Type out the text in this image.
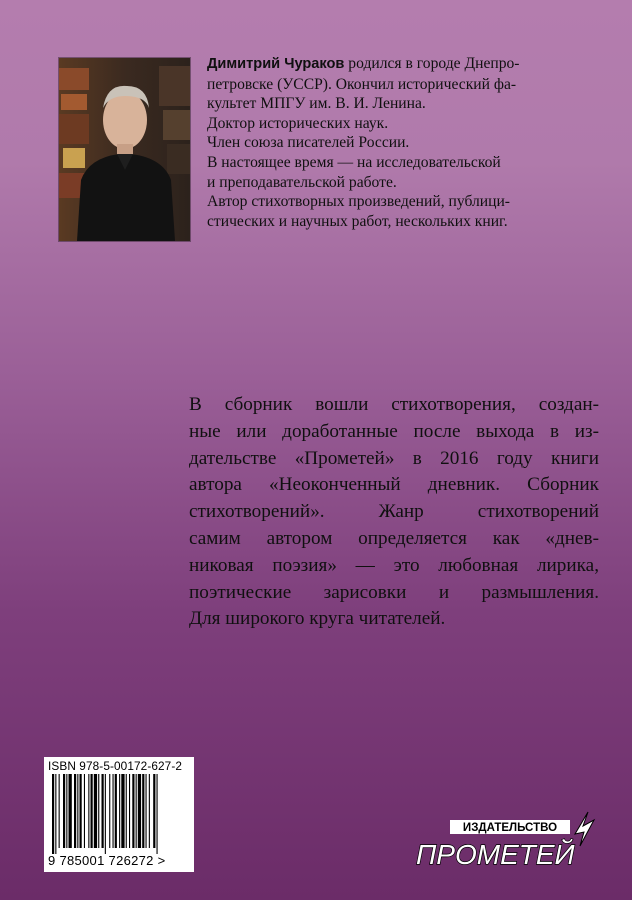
Димитрий Чураков родился в городе Днепро-
петровске (УССР). Окончил исторический фа-
культет МПГУ им. В. И. Ленина.
Доктор исторических наук.
Член союза писателей России.
В настоящее время — на исследовательской
и преподавательской работе.
Автор стихотворных произведений, публици-
стических и научных работ, нескольких книг.
В сборник вошли стихотворения, создан-
ные или доработанные после выхода в из-
дательстве «Прометей» в 2016 году книги
автора «Неоконченный дневник. Сборник
стихотворений». Жанр стихотворений
самим автором определяется как «днев-
никовая поэзия» — это любовная лирика,
поэтические зарисовки и размышления.
Для широкого круга читателей.
ISBN 978-5-00172-627-2
9 785001 726272 >
ИЗДАТЕЛЬСТВО
ПРОМЕТЕЙ
